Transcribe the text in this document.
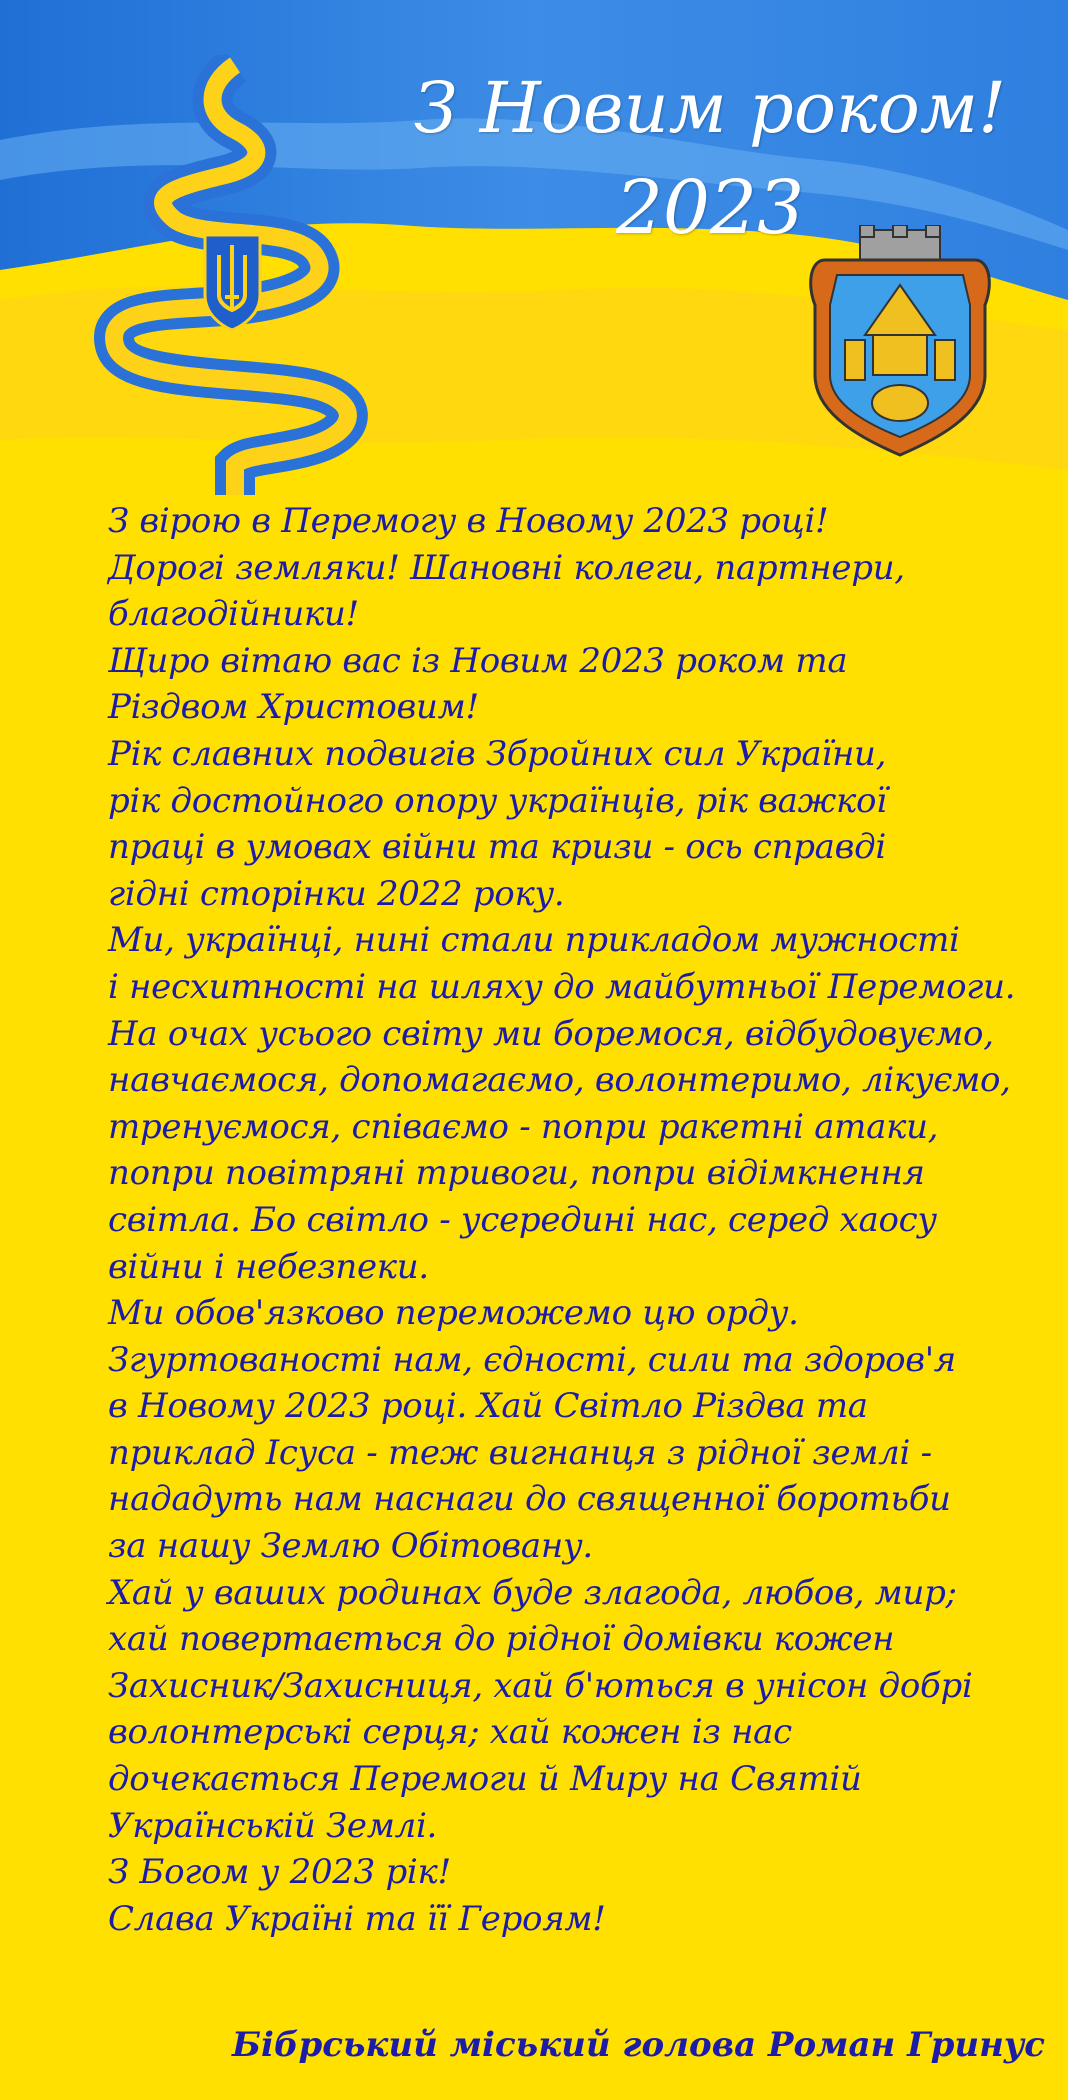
З Новим роком!
2023
З вірою в Перемогу в Новому 2023 році!
Дорогі земляки! Шановні колеги, партнери,
благодійники!
Щиро вітаю вас із Новим 2023 роком та
Різдвом Христовим!
Рік славних подвигів Збройних сил України,
рік достойного опору українців, рік важкої
праці в умовах війни та кризи - ось справді
гідні сторінки 2022 року.
Ми, українці, нині стали прикладом мужності
і несхитності на шляху до майбутньої Перемоги.
На очах усього світу ми боремося, відбудовуємо,
навчаємося, допомагаємо, волонтеримо, лікуємо,
тренуємося, співаємо - попри ракетні атаки,
попри повітряні тривоги, попри відімкнення
світла. Бо світло - усередині нас, серед хаосу
війни і небезпеки.
Ми обов'язково переможемо цю орду.
Згуртованості нам, єдності, сили та здоров'я
в Новому 2023 році. Хай Світло Різдва та
приклад Ісуса - теж вигнанця з рідної землі -
нададуть нам наснаги до священної боротьби
за нашу Землю Обітовану.
Хай у ваших родинах буде злагода, любов, мир;
хай повертається до рідної домівки кожен
Захисник/Захисниця, хай б'ються в унісон добрі
волонтерські серця; хай кожен із нас
дочекається Перемоги й Миру на Святій
Українській Землі.
З Богом у 2023 рік!
Слава Україні та її Героям!
Бібрський міський голова Роман Гринус
